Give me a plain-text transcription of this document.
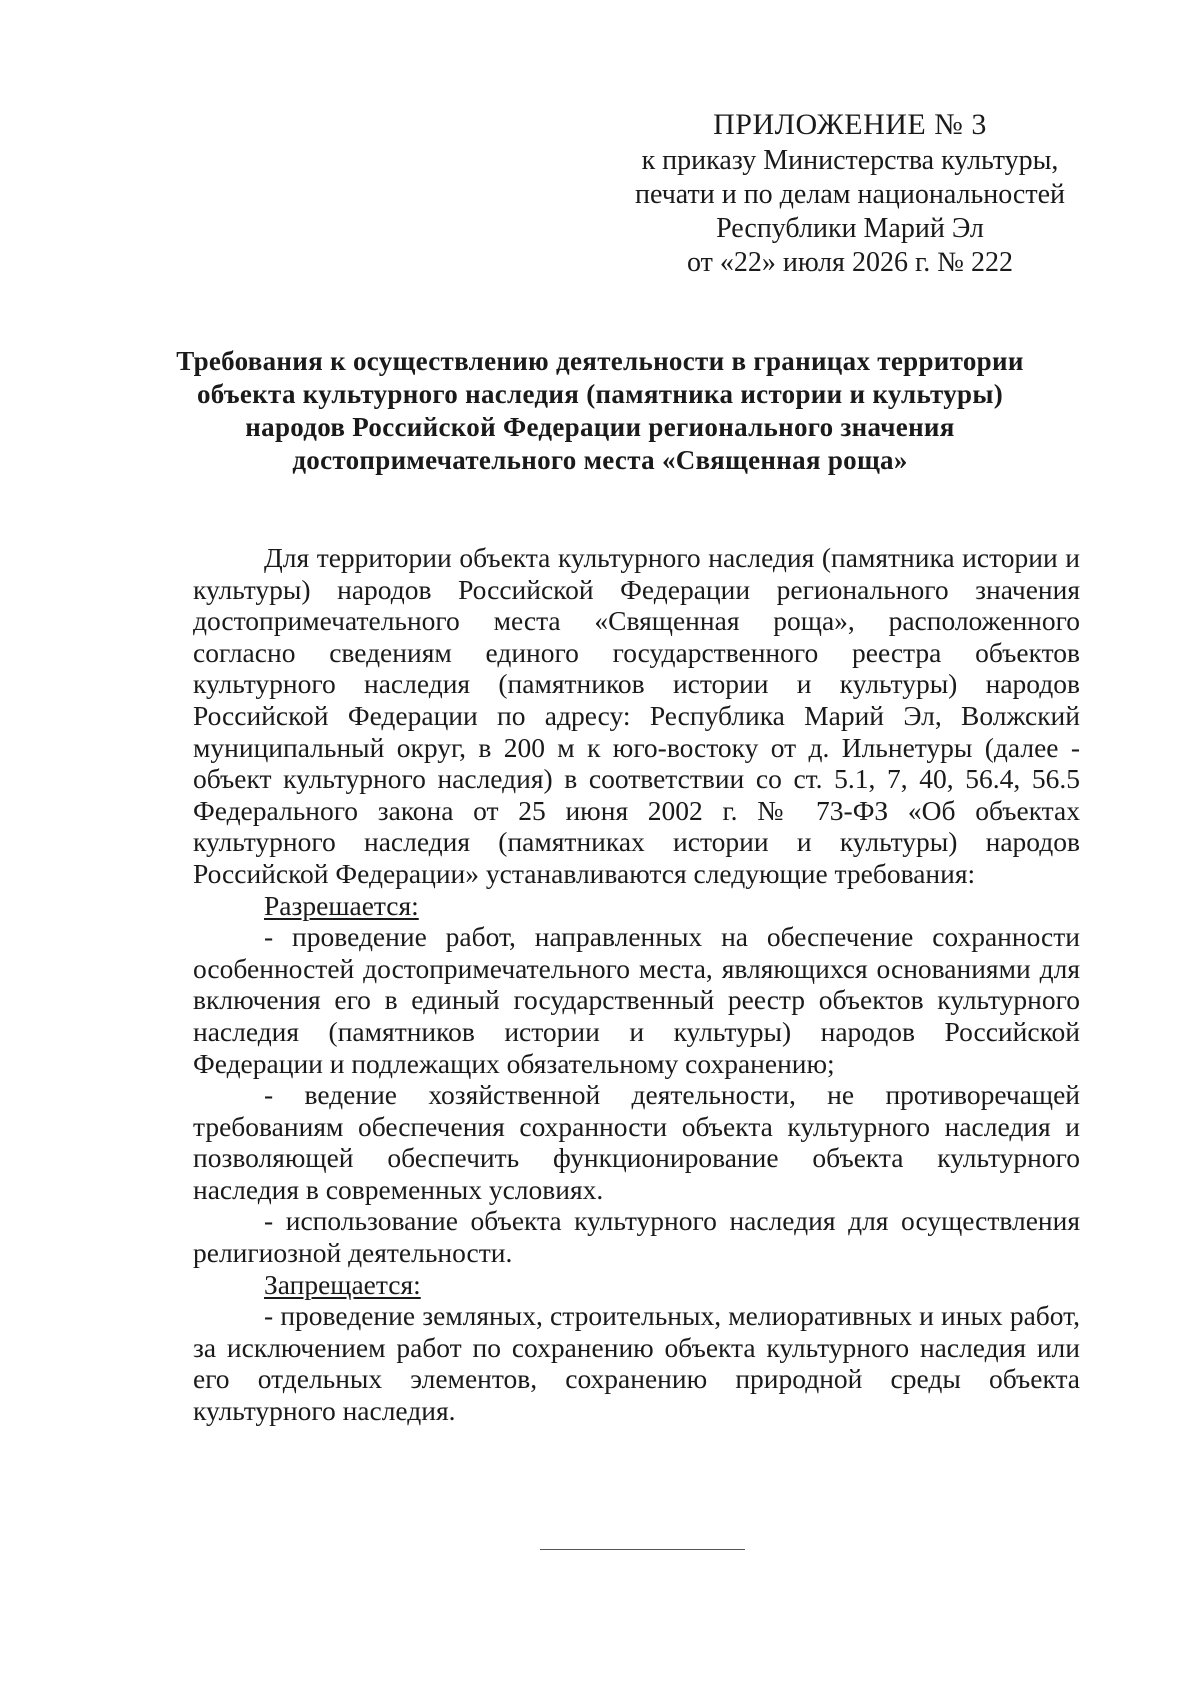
ПРИЛОЖЕНИЕ № 3
к приказу Министерства культуры,
печати и по делам национальностей
Республики Марий Эл
от «22» июля 2026 г. № 222
Требования к осуществлению деятельности в границах территории
объекта культурного наследия (памятника истории и культуры)
народов Российской Федерации регионального значения
достопримечательного места «Священная роща»

Для территории объекта культурного наследия (памятника истории и культуры) народов Российской Федерации регионального значения достопримечательного места «Священная роща», расположенного согласно сведениям единого государственного реестра объектов культурного наследия (памятников истории и культуры) народов Российской Федерации по адресу: Республика Марий Эл, Волжский муниципальный округ, в 200 м к юго-востоку от д. Ильнетуры (далее - объект культурного наследия) в соответствии со ст. 5.1, 7, 40, 56.4, 56.5 Федерального закона от 25 июня 2002 г. № 73-ФЗ «Об объектах культурного наследия (памятниках истории и культуры) народов Российской Федерации» устанавливаются следующие требования:

Разрешается:

- проведение работ, направленных на обеспечение сохранности особенностей достопримечательного места, являющихся основаниями для включения его в единый государственный реестр объектов культурного наследия (памятников истории и культуры) народов Российской Федерации и подлежащих обязательному сохранению;

- ведение хозяйственной деятельности, не противоречащей требованиям обеспечения сохранности объекта культурного наследия и позволяющей обеспечить функционирование объекта культурного наследия в современных условиях.

- использование объекта культурного наследия для осуществления религиозной деятельности.

Запрещается:

- проведение земляных, строительных, мелиоративных и иных работ, за исключением работ по сохранению объекта культурного наследия или его отдельных элементов, сохранению природной среды объекта культурного наследия.
